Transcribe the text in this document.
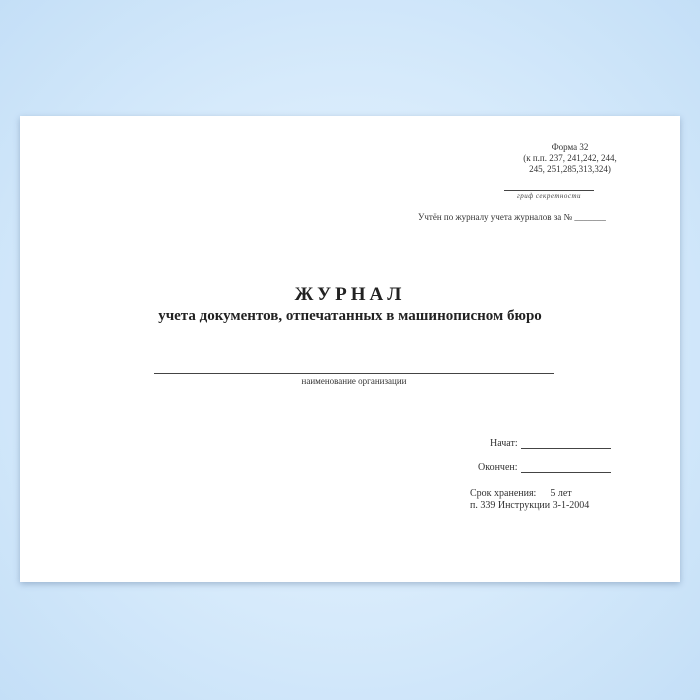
Форма 32
(к п.п. 237, 241,242, 244,
245, 251,285,313,324)
гриф секретности
Учтён по журналу учета журналов за № _______
ЖУРНАЛ
учета документов, отпечатанных в машинописном бюро
наименование организации
Начат:
Окончен:
Срок хранения: 5 лет
п. 339 Инструкции 3-1-2004
